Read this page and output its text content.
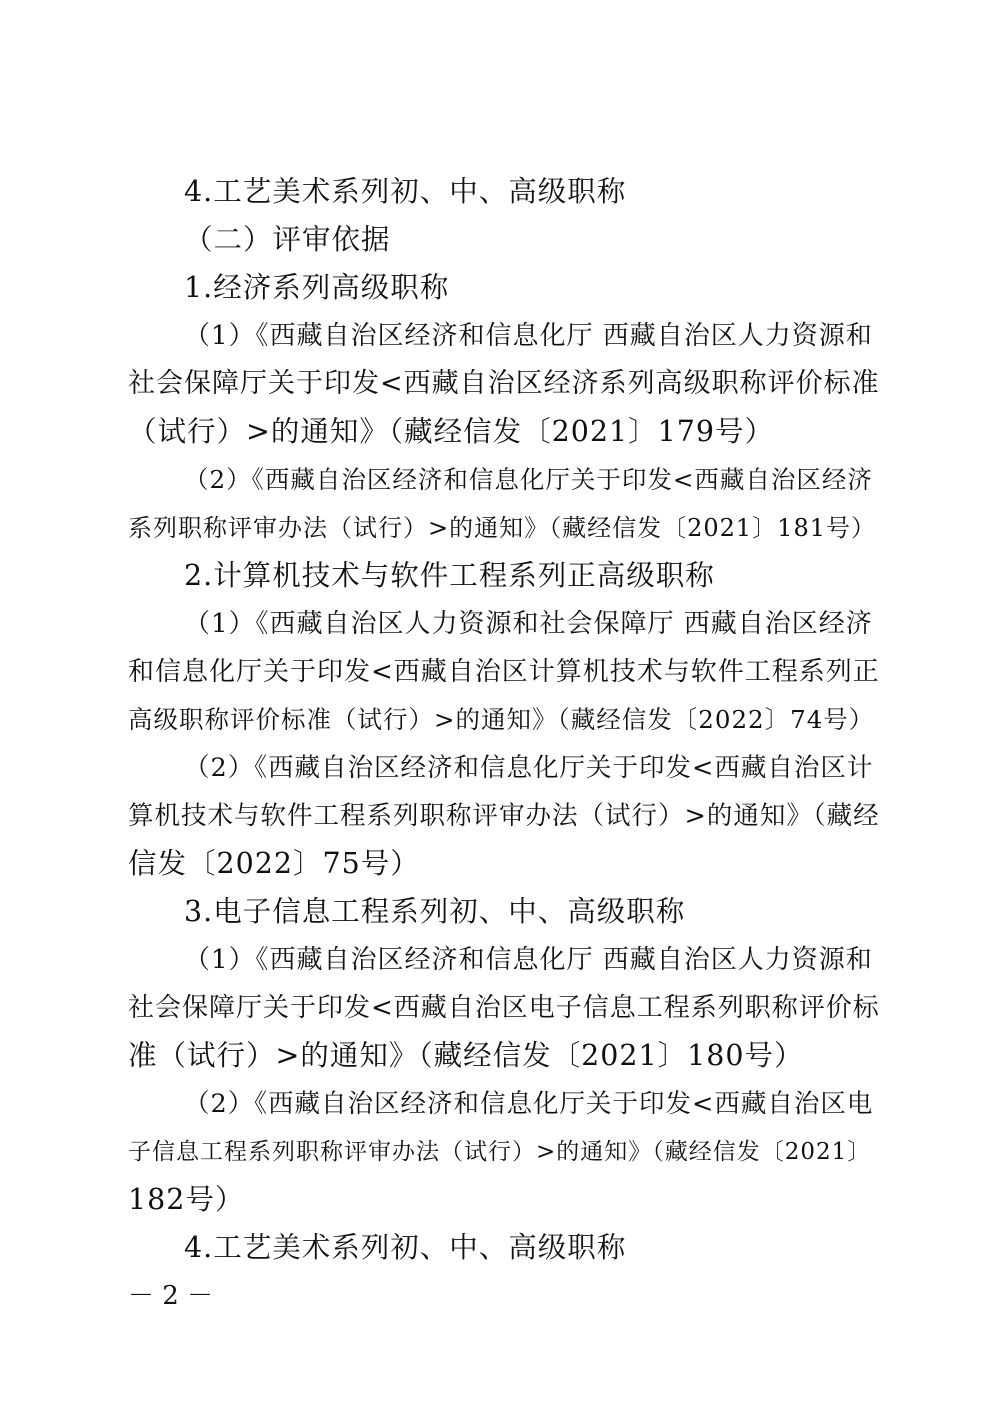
4.工艺美术系列初、中、高级职称
（二）评审依据
1.经济系列高级职称
（1）《西藏自治区经济和信息化厅 西藏自治区人力资源和
社会保障厅关于印发<西藏自治区经济系列高级职称评价标准
（试行）>的通知》（藏经信发〔2021〕179号）
（2）《西藏自治区经济和信息化厅关于印发<西藏自治区经济
系列职称评审办法（试行）>的通知》（藏经信发〔2021〕181号）
2.计算机技术与软件工程系列正高级职称
（1）《西藏自治区人力资源和社会保障厅 西藏自治区经济
和信息化厅关于印发<西藏自治区计算机技术与软件工程系列正
高级职称评价标准（试行）>的通知》（藏经信发〔2022〕74号）
（2）《西藏自治区经济和信息化厅关于印发<西藏自治区计
算机技术与软件工程系列职称评审办法（试行）>的通知》（藏经
信发〔2022〕75号）
3.电子信息工程系列初、中、高级职称
（1）《西藏自治区经济和信息化厅 西藏自治区人力资源和
社会保障厅关于印发<西藏自治区电子信息工程系列职称评价标
准（试行）>的通知》（藏经信发〔2021〕180号）
（2）《西藏自治区经济和信息化厅关于印发<西藏自治区电
子信息工程系列职称评审办法（试行）>的通知》（藏经信发〔2021〕
182号）
4.工艺美术系列初、中、高级职称
－ 2 －
